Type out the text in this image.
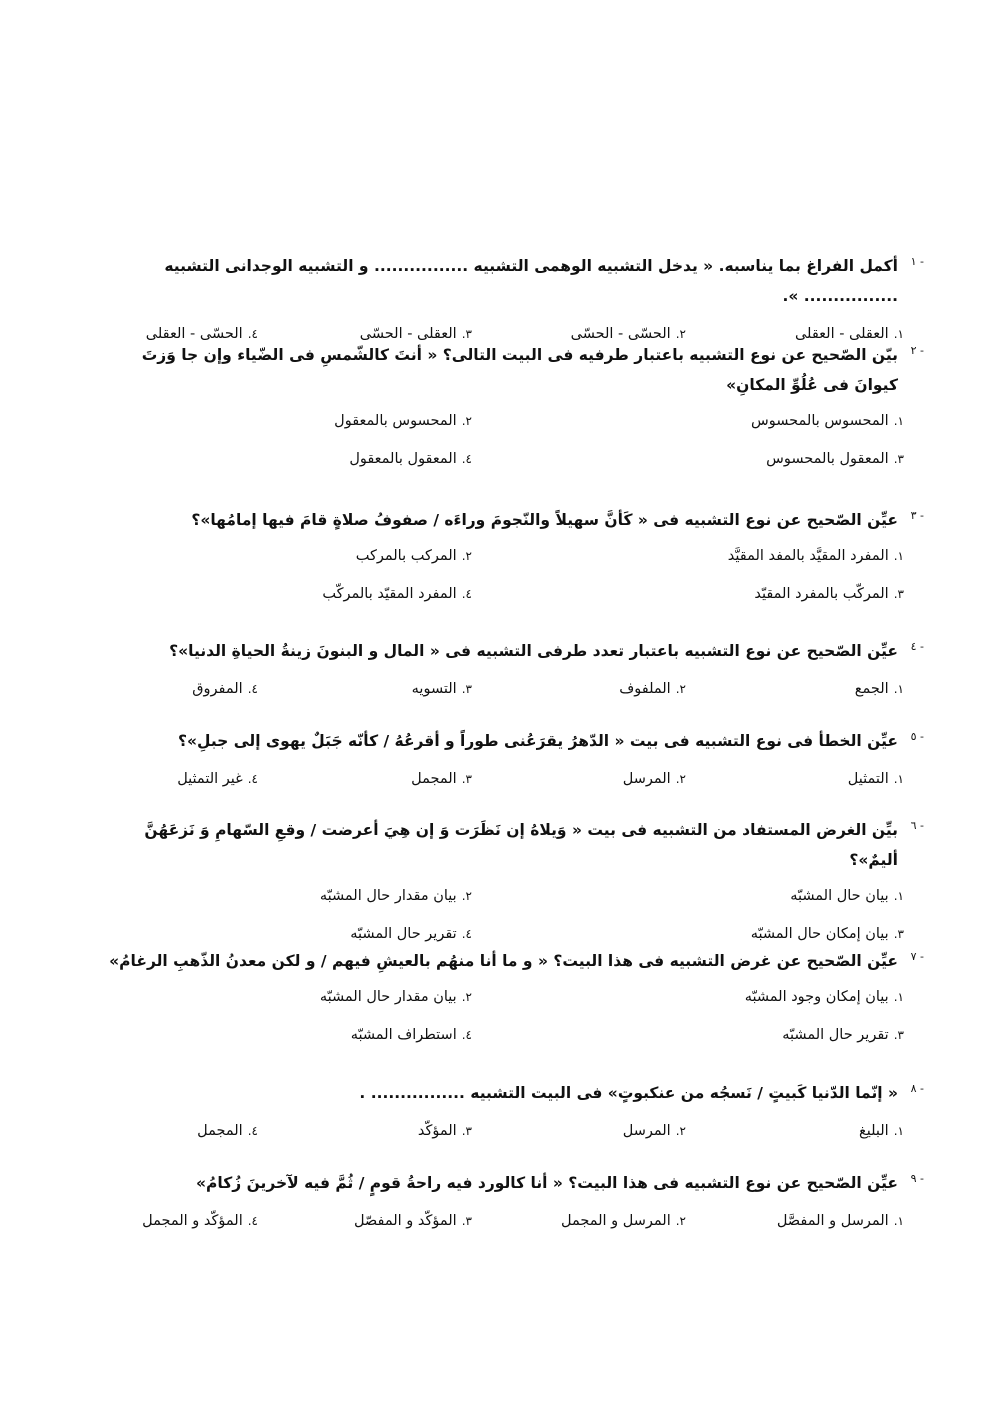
١ -
أكمل الفراغ بما يناسبه. « يدخل التشبيه الوهمى التشبيه ................ و التشبيه الوجدانى التشبيه ................ ».
١.العقلى - العقلى
٢.الحسّى - الحسّى
٣.العقلى - الحسّى
٤.الحسّى - العقلى
٢ -
بيّن الصّحيح عن نوع التشبيه باعتبار طرفيه فى البيت التالى؟ « أنتَ كالشّمسِ فى الضّياء وإن جا وَزتَ كيوانَ فى عُلُوِّ المكانِ»
١.المحسوس بالمحسوس
٢.المحسوس بالمعقول
٣.المعقول بالمحسوس
٤.المعقول بالمعقول
٣ -
عيِّن الصّحيح عن نوع التشبيه فى « كَأنَّ سهيلاً والنّجومَ وراءَه / صفوفُ صلاةٍ قامَ فيها إمامُها»؟
١.المفرد المقيَّد بالمفد المقيَّد
٢.المركب بالمركب
٣.المركّب بالمفرد المقيّد
٤.المفرد المقيّد بالمركّب
٤ -
عيِّن الصّحيح عن نوع التشبيه باعتبار تعدد طرفى التشبيه فى « المال و البنونَ زينةُ الحياةِ الدنيا»؟
١.الجمع
٢.الملفوف
٣.التسويه
٤.المفروق
٥ -
عيِّن الخطأ فى نوع التشبيه فى بيت « الدّهرُ يقرَعُنى طوراً و أقرعُهُ / كأنّه جَبَلٌ يهوى إلى جبلِ»؟
١.التمثيل
٢.المرسل
٣.المجمل
٤.غير التمثيل
٦ -
بيِّن الغرض المستفاد من التشبيه فى بيت « وَيلاهُ إن نَظَرَت وَ إن هِيَ أعرضت / وقعِ السّهامِ وَ نَزعَهُنَّ أليمٌ»؟
١.بيان حال المشبّه
٢.بيان مقدار حال المشبّه
٣.بيان إمكان حال المشبّه
٤.تقرير حال المشبّه
٧ -
عيِّن الصّحيح عن غرض التشبيه فى هذا البيت؟ « و ما أنا منهُم بالعيشِ فيهم / و لكن معدنُ الذّهبِ الرغامُ»
١.بيان إمكان وجود المشبّه
٢.بيان مقدار حال المشبّه
٣.تقرير حال المشبّه
٤.استطراف المشبّه
٨ -
« إنّما الدّنيا كَبيتٍ / نَسجُه من عنكبوتٍ» فى البيت التشبيه ................ .
١.البليغ
٢.المرسل
٣.المؤكّد
٤.المجمل
٩ -
عيِّن الصّحيح عن نوع التشبيه فى هذا البيت؟ « أنا كالورد فيه راحةُ قومٍ / ثُمَّ فيه لآخرينَ زُكامُ»
١.المرسل و المفصَّل
٢.المرسل و المجمل
٣.المؤكّد و المفصّل
٤.المؤكّد و المجمل
